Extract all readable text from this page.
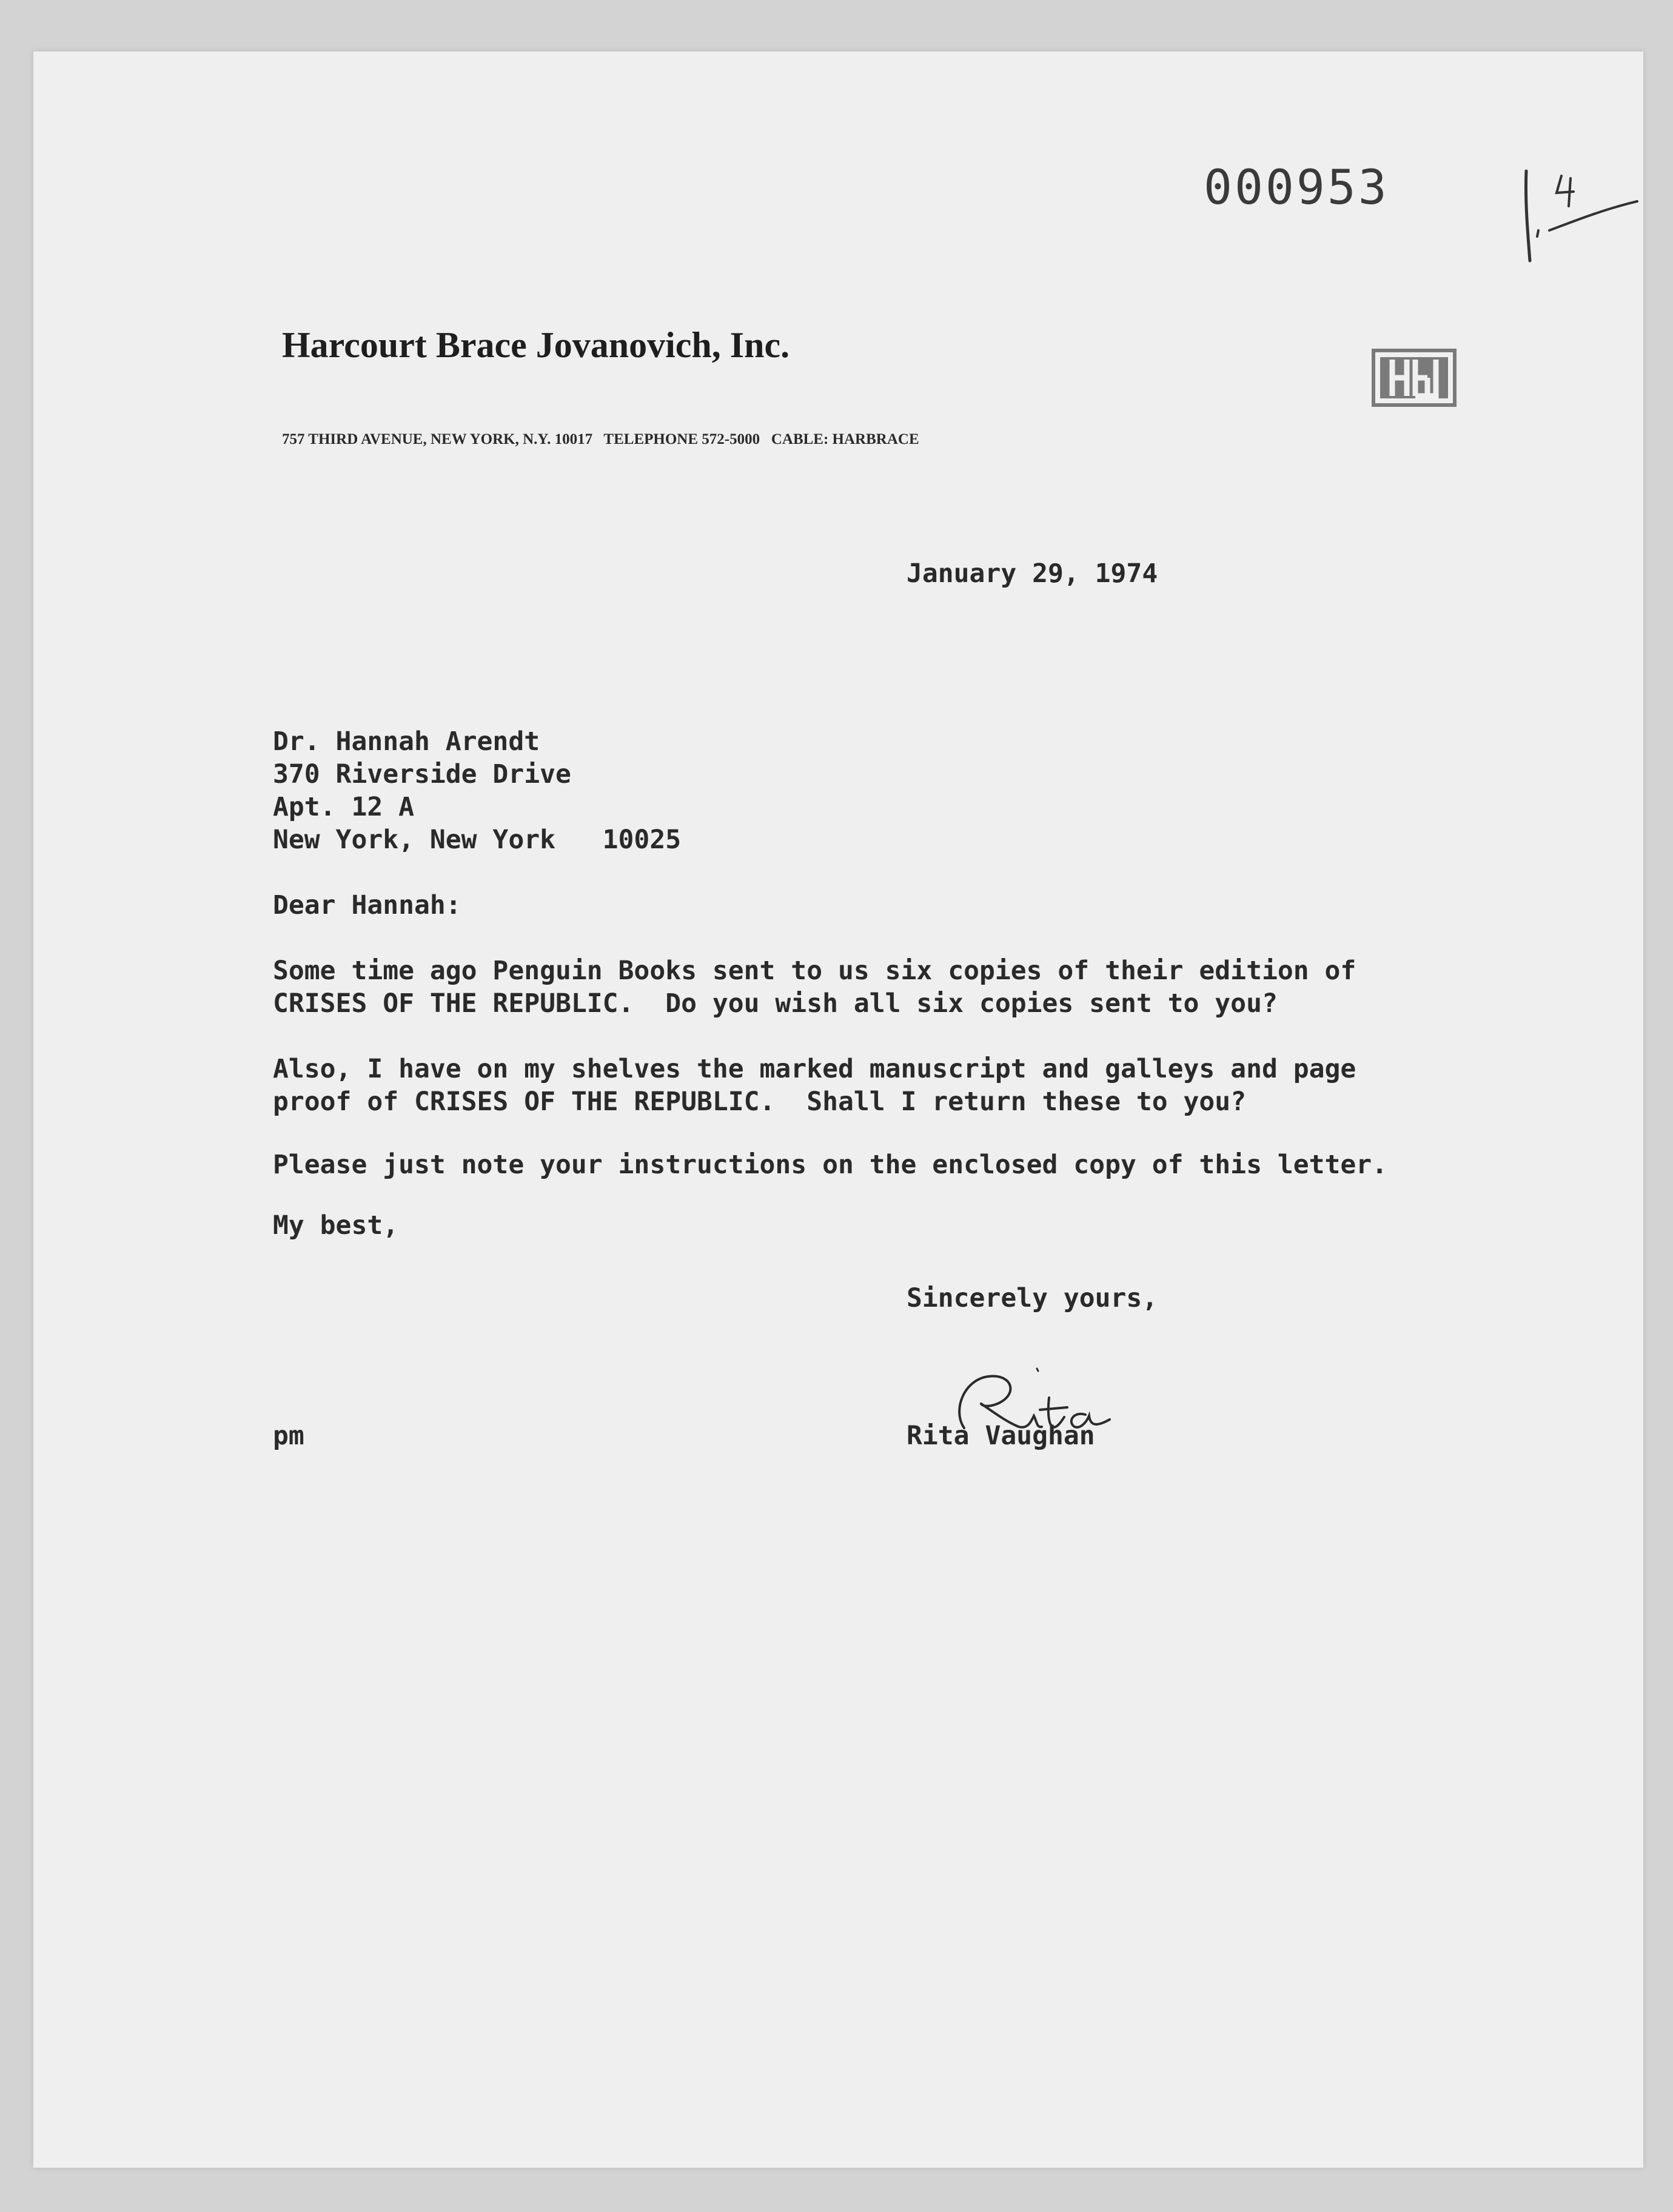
000953
Harcourt Brace Jovanovich, Inc.
757 THIRD AVENUE, NEW YORK, N.Y. 10017   TELEPHONE 572-5000   CABLE: HARBRACE
January 29, 1974
Dr. Hannah Arendt
370 Riverside Drive
Apt. 12 A
New York, New York   10025
Dear Hannah:
Some time ago Penguin Books sent to us six copies of their edition of
CRISES OF THE REPUBLIC.  Do you wish all six copies sent to you?
Also, I have on my shelves the marked manuscript and galleys and page
proof of CRISES OF THE REPUBLIC.  Shall I return these to you?
Please just note your instructions on the enclosed copy of this letter.
My best,
Sincerely yours,
Rita Vaughan
pm
